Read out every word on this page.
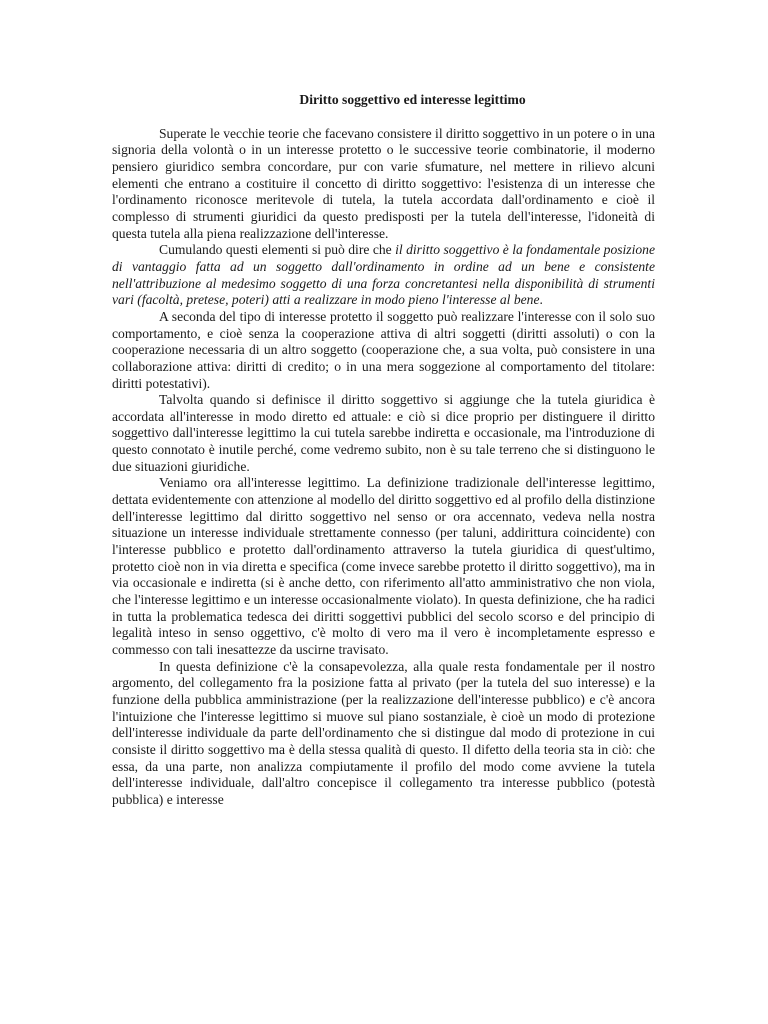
Diritto soggettivo ed interesse legittimo

Superate le vecchie teorie che facevano consistere il diritto soggettivo in un potere o in una signoria della volontà o in un interesse protetto o le successive teorie combinatorie, il moderno pensiero giuridico sembra concordare, pur con varie sfumature, nel mettere in rilievo alcuni elementi che entrano a costituire il concetto di diritto soggettivo: l'esistenza di un interesse che l'ordinamento riconosce meritevole di tutela, la tutela accordata dall'ordinamento e cioè il complesso di strumenti giuridici da questo predisposti per la tutela dell'interesse, l'idoneità di questa tutela alla piena realizzazione dell'interesse.

Cumulando questi elementi si può dire che il diritto soggettivo è la fondamentale posizione di vantaggio fatta ad un soggetto dall'ordinamento in ordine ad un bene e consistente nell'attribuzione al medesimo soggetto di una forza concretantesi nella disponibilità di strumenti vari (facoltà, pretese, poteri) atti a realizzare in modo pieno l'interesse al bene.

A seconda del tipo di interesse protetto il soggetto può realizzare l'interesse con il solo suo comportamento, e cioè senza la cooperazione attiva di altri soggetti (diritti assoluti) o con la cooperazione necessaria di un altro soggetto (cooperazione che, a sua volta, può consistere in una collaborazione attiva: diritti di credito; o in una mera soggezione al comportamento del titolare: diritti potestativi).

Talvolta quando si definisce il diritto soggettivo si aggiunge che la tutela giuridica è accordata all'interesse in modo diretto ed attuale: e ciò si dice proprio per distinguere il diritto soggettivo dall'interesse legittimo la cui tutela sarebbe indiretta e occasionale, ma l'introduzione di questo connotato è inutile perché, come vedremo subito, non è su tale terreno che si distinguono le due situazioni giuridiche.

Veniamo ora all'interesse legittimo. La definizione tradizionale dell'interesse legittimo, dettata evidentemente con attenzione al modello del diritto soggettivo ed al profilo della distinzione dell'interesse legittimo dal diritto soggettivo nel senso or ora accennato, vedeva nella nostra situazione un interesse individuale strettamente connesso (per taluni, addirittura coincidente) con l'interesse pubblico e protetto dall'ordinamento attraverso la tutela giuridica di quest'ultimo, protetto cioè non in via diretta e specifica (come invece sarebbe protetto il diritto soggettivo), ma in via occasionale e indiretta (si è anche detto, con riferimento all'atto amministrativo che non viola, che l'interesse legittimo e un interesse occasionalmente violato). In questa definizione, che ha radici in tutta la problematica tedesca dei diritti soggettivi pubblici del secolo scorso e del principio di legalità inteso in senso oggettivo, c'è molto di vero ma il vero è incompletamente espresso e commesso con tali inesattezze da uscirne travisato.

In questa definizione c'è la consapevolezza, alla quale resta fondamentale per il nostro argomento, del collegamento fra la posizione fatta al privato (per la tutela del suo interesse) e la funzione della pubblica amministrazione (per la realizzazione dell'interesse pubblico) e c'è ancora l'intuizione che l'interesse legittimo si muove sul piano sostanziale, è cioè un modo di protezione dell'interesse individuale da parte dell'ordinamento che si distingue dal modo di protezione in cui consiste il diritto soggettivo ma è della stessa qualità di questo. Il difetto della teoria sta in ciò: che essa, da una parte, non analizza compiutamente il profilo del modo come avviene la tutela dell'interesse individuale, dall'altro concepisce il collegamento tra interesse pubblico (potestà pubblica) e interesse
